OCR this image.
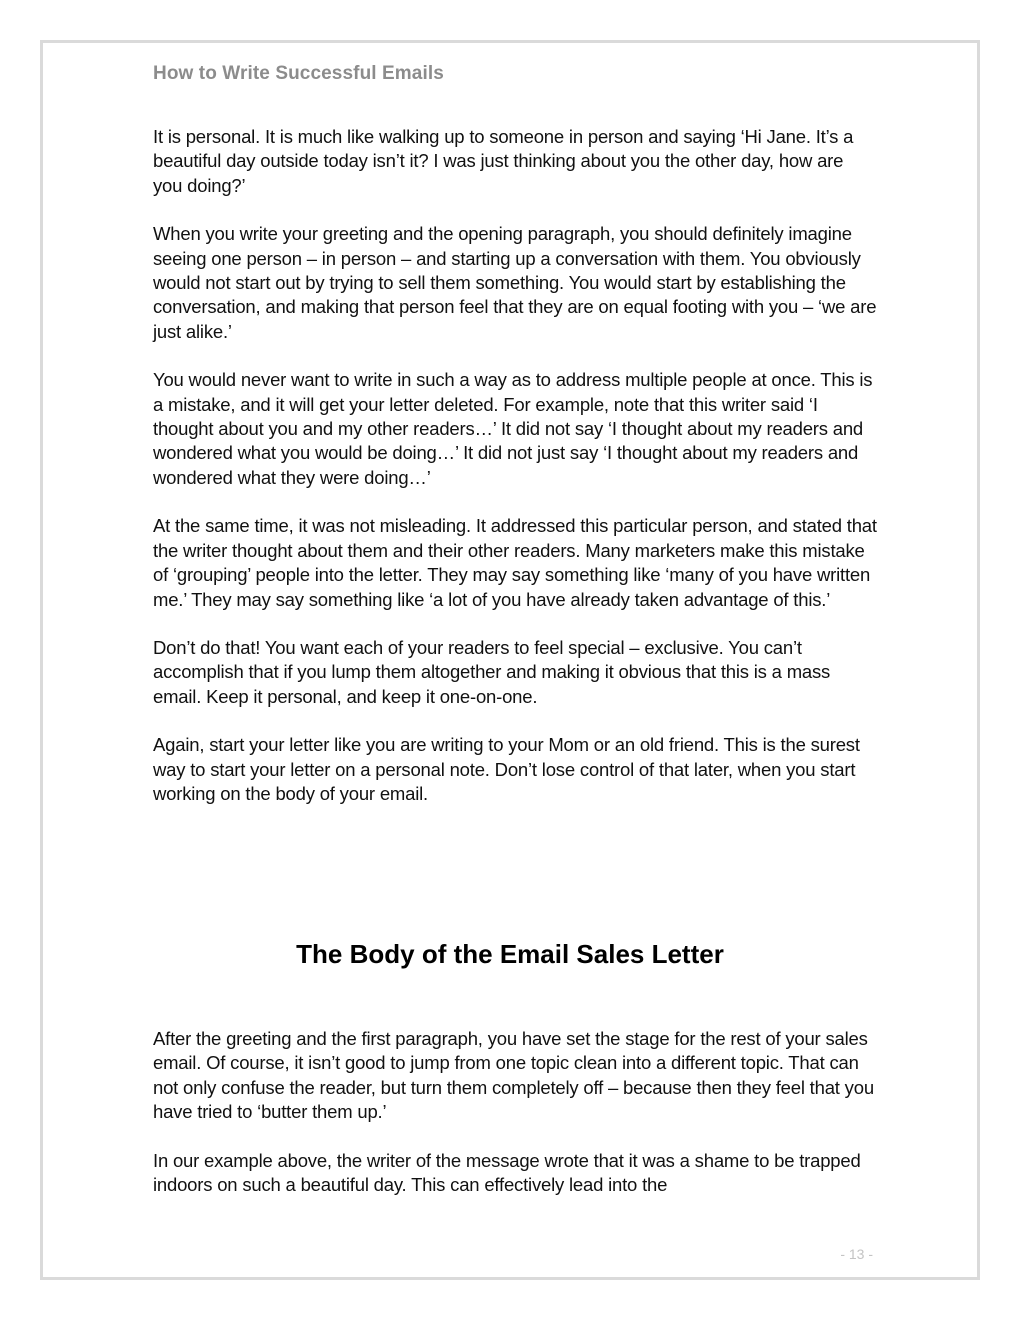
How to Write Successful Emails

It is personal. It is much like walking up to someone in person and saying ‘Hi Jane. It’s a beautiful day outside today isn’t it? I was just thinking about you the other day, how are you doing?’

When you write your greeting and the opening paragraph, you should definitely imagine seeing one person – in person – and starting up a conversation with them. You obviously would not start out by trying to sell them something. You would start by establishing the conversation, and making that person feel that they are on equal footing with you – ‘we are just alike.’

You would never want to write in such a way as to address multiple people at once. This is a mistake, and it will get your letter deleted. For example, note that this writer said ‘I thought about you and my other readers…’ It did not say ‘I thought about my readers and wondered what you would be doing…’ It did not just say ‘I thought about my readers and wondered what they were doing…’

At the same time, it was not misleading. It addressed this particular person, and stated that the writer thought about them and their other readers. Many marketers make this mistake of ‘grouping’ people into the letter. They may say something like ‘many of you have written me.’ They may say something like ‘a lot of you have already taken advantage of this.’

Don’t do that! You want each of your readers to feel special – exclusive. You can’t accomplish that if you lump them altogether and making it obvious that this is a mass email. Keep it personal, and keep it one-on-one.

Again, start your letter like you are writing to your Mom or an old friend. This is the surest way to start your letter on a personal note. Don’t lose control of that later, when you start working on the body of your email.

The Body of the Email Sales Letter

After the greeting and the first paragraph, you have set the stage for the rest of your sales email. Of course, it isn’t good to jump from one topic clean into a different topic. That can not only confuse the reader, but turn them completely off – because then they feel that you have tried to ‘butter them up.’

In our example above, the writer of the message wrote that it was a shame to be trapped indoors on such a beautiful day. This can effectively lead into the

- 13 -
